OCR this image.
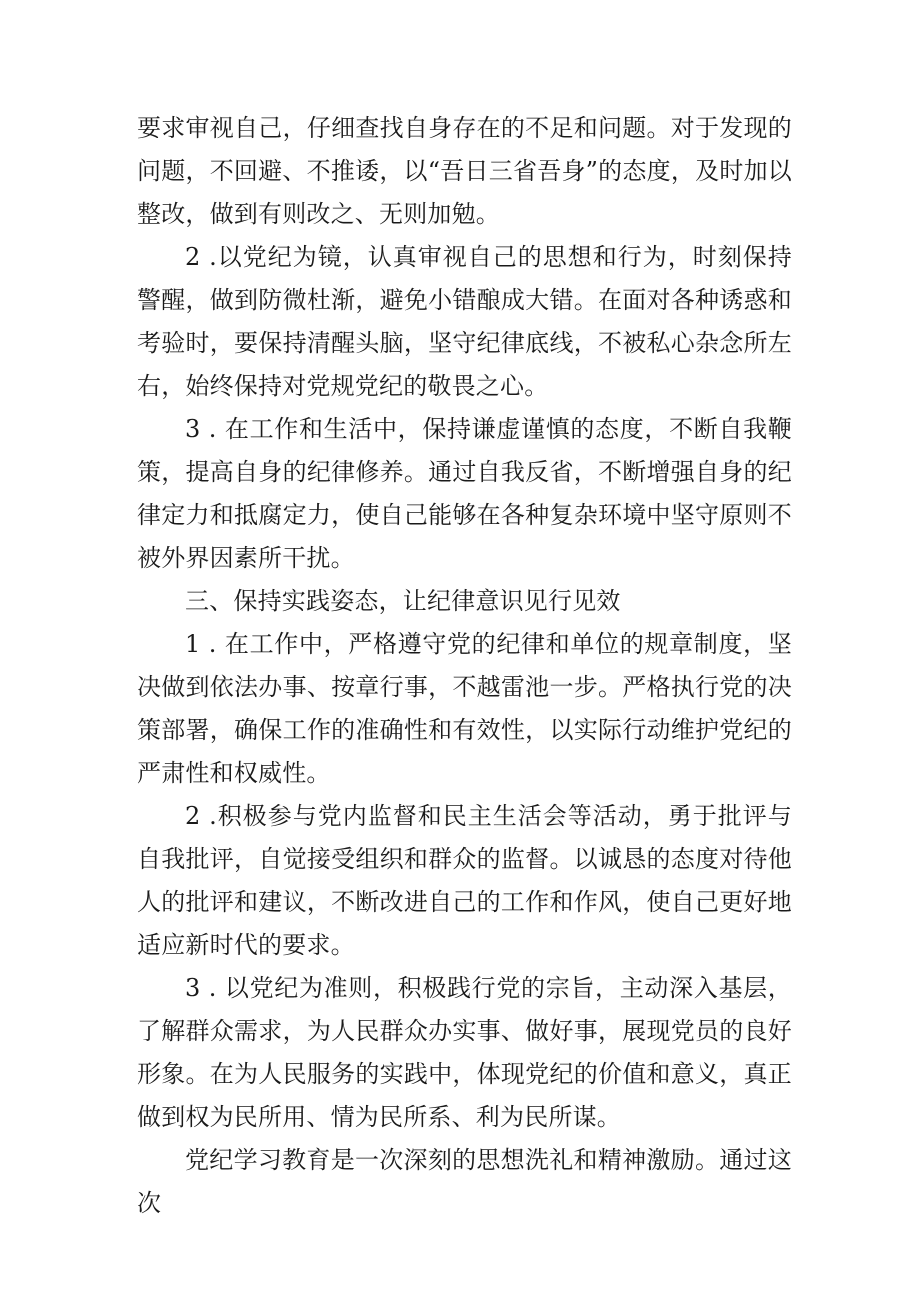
要求审视自己，仔细查找自身存在的不足和问题。对于发现的问题，不回避、不推诿，以“吾日三省吾身”的态度，及时加以整改，做到有则改之、无则加勉。

2 .以党纪为镜，认真审视自己的思想和行为，时刻保持警醒，做到防微杜渐，避免小错酿成大错。在面对各种诱惑和考验时，要保持清醒头脑，坚守纪律底线，不被私心杂念所左右，始终保持对党规党纪的敬畏之心。

3 . 在工作和生活中，保持谦虚谨慎的态度，不断自我鞭策，提高自身的纪律修养。通过自我反省，不断增强自身的纪律定力和抵腐定力，使自己能够在各种复杂环境中坚守原则不被外界因素所干扰。

三、保持实践姿态，让纪律意识见行见效

1 . 在工作中，严格遵守党的纪律和单位的规章制度，坚决做到依法办事、按章行事，不越雷池一步。严格执行党的决策部署，确保工作的准确性和有效性，以实际行动维护党纪的严肃性和权威性。

2 .积极参与党内监督和民主生活会等活动，勇于批评与自我批评，自觉接受组织和群众的监督。以诚恳的态度对待他人的批评和建议，不断改进自己的工作和作风，使自己更好地适应新时代的要求。

3 . 以党纪为准则，积极践行党的宗旨，主动深入基层，了解群众需求，为人民群众办实事、做好事，展现党员的良好形象。在为人民服务的实践中，体现党纪的价值和意义，真正做到权为民所用、情为民所系、利为民所谋。

党纪学习教育是一次深刻的思想洗礼和精神激励。通过这次
